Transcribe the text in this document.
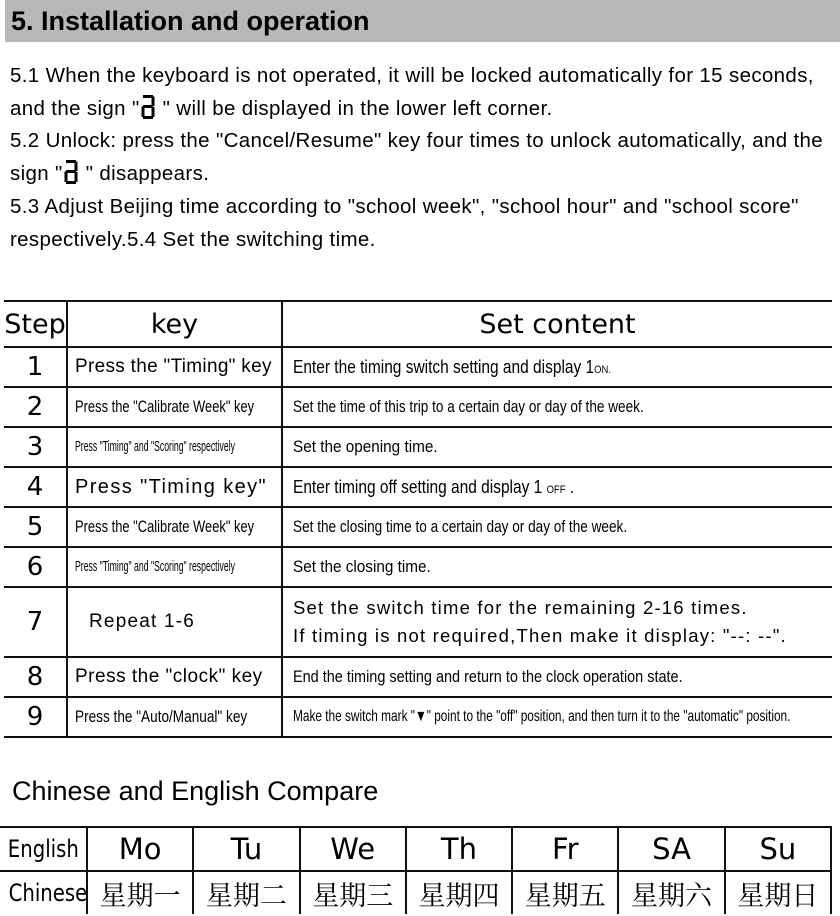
5. Installation and operation

5.1 When the keyboard is not operated, it will be locked automatically for 15 seconds, and the sign " " will be displayed in the lower left corner.

5.2 Unlock: press the "Cancel/Resume" key four times to unlock automatically, and the sign " " disappears.

5.3 Adjust Beijing time according to "school week", "school hour" and "school score" respectively.5.4 Set the switching time.

Step	key	Set content
1	Press the "Timing" key	Enter the timing switch setting and display 1ON.
2	Press the "Calibrate Week" key	Set the time of this trip to a certain day or day of the week.
3	Press "Timing" and "Scoring" respectively	Set the opening time.
4	Press "Timing key"	Enter timing off setting and display 1 OFF .
5	Press the "Calibrate Week" key	Set the closing time to a certain day or day of the week.
6	Press "Timing" and "Scoring" respectively	Set the closing time.
7	Repeat 1-6	Set the switch time for the remaining 2-16 times.
If timing is not required,Then make it display: "--: --".

8	Press the "clock" key	End the timing setting and return to the clock operation state.
9	Press the "Auto/Manual" key	Make the switch mark "▼" point to the "off" position, and then turn it to the "automatic" position.
Chinese and English Compare
English	Mo	Tu	We	Th	Fr	SA	Su
Chinese	星期一	星期二	星期三	星期四	星期五	星期六	星期日
